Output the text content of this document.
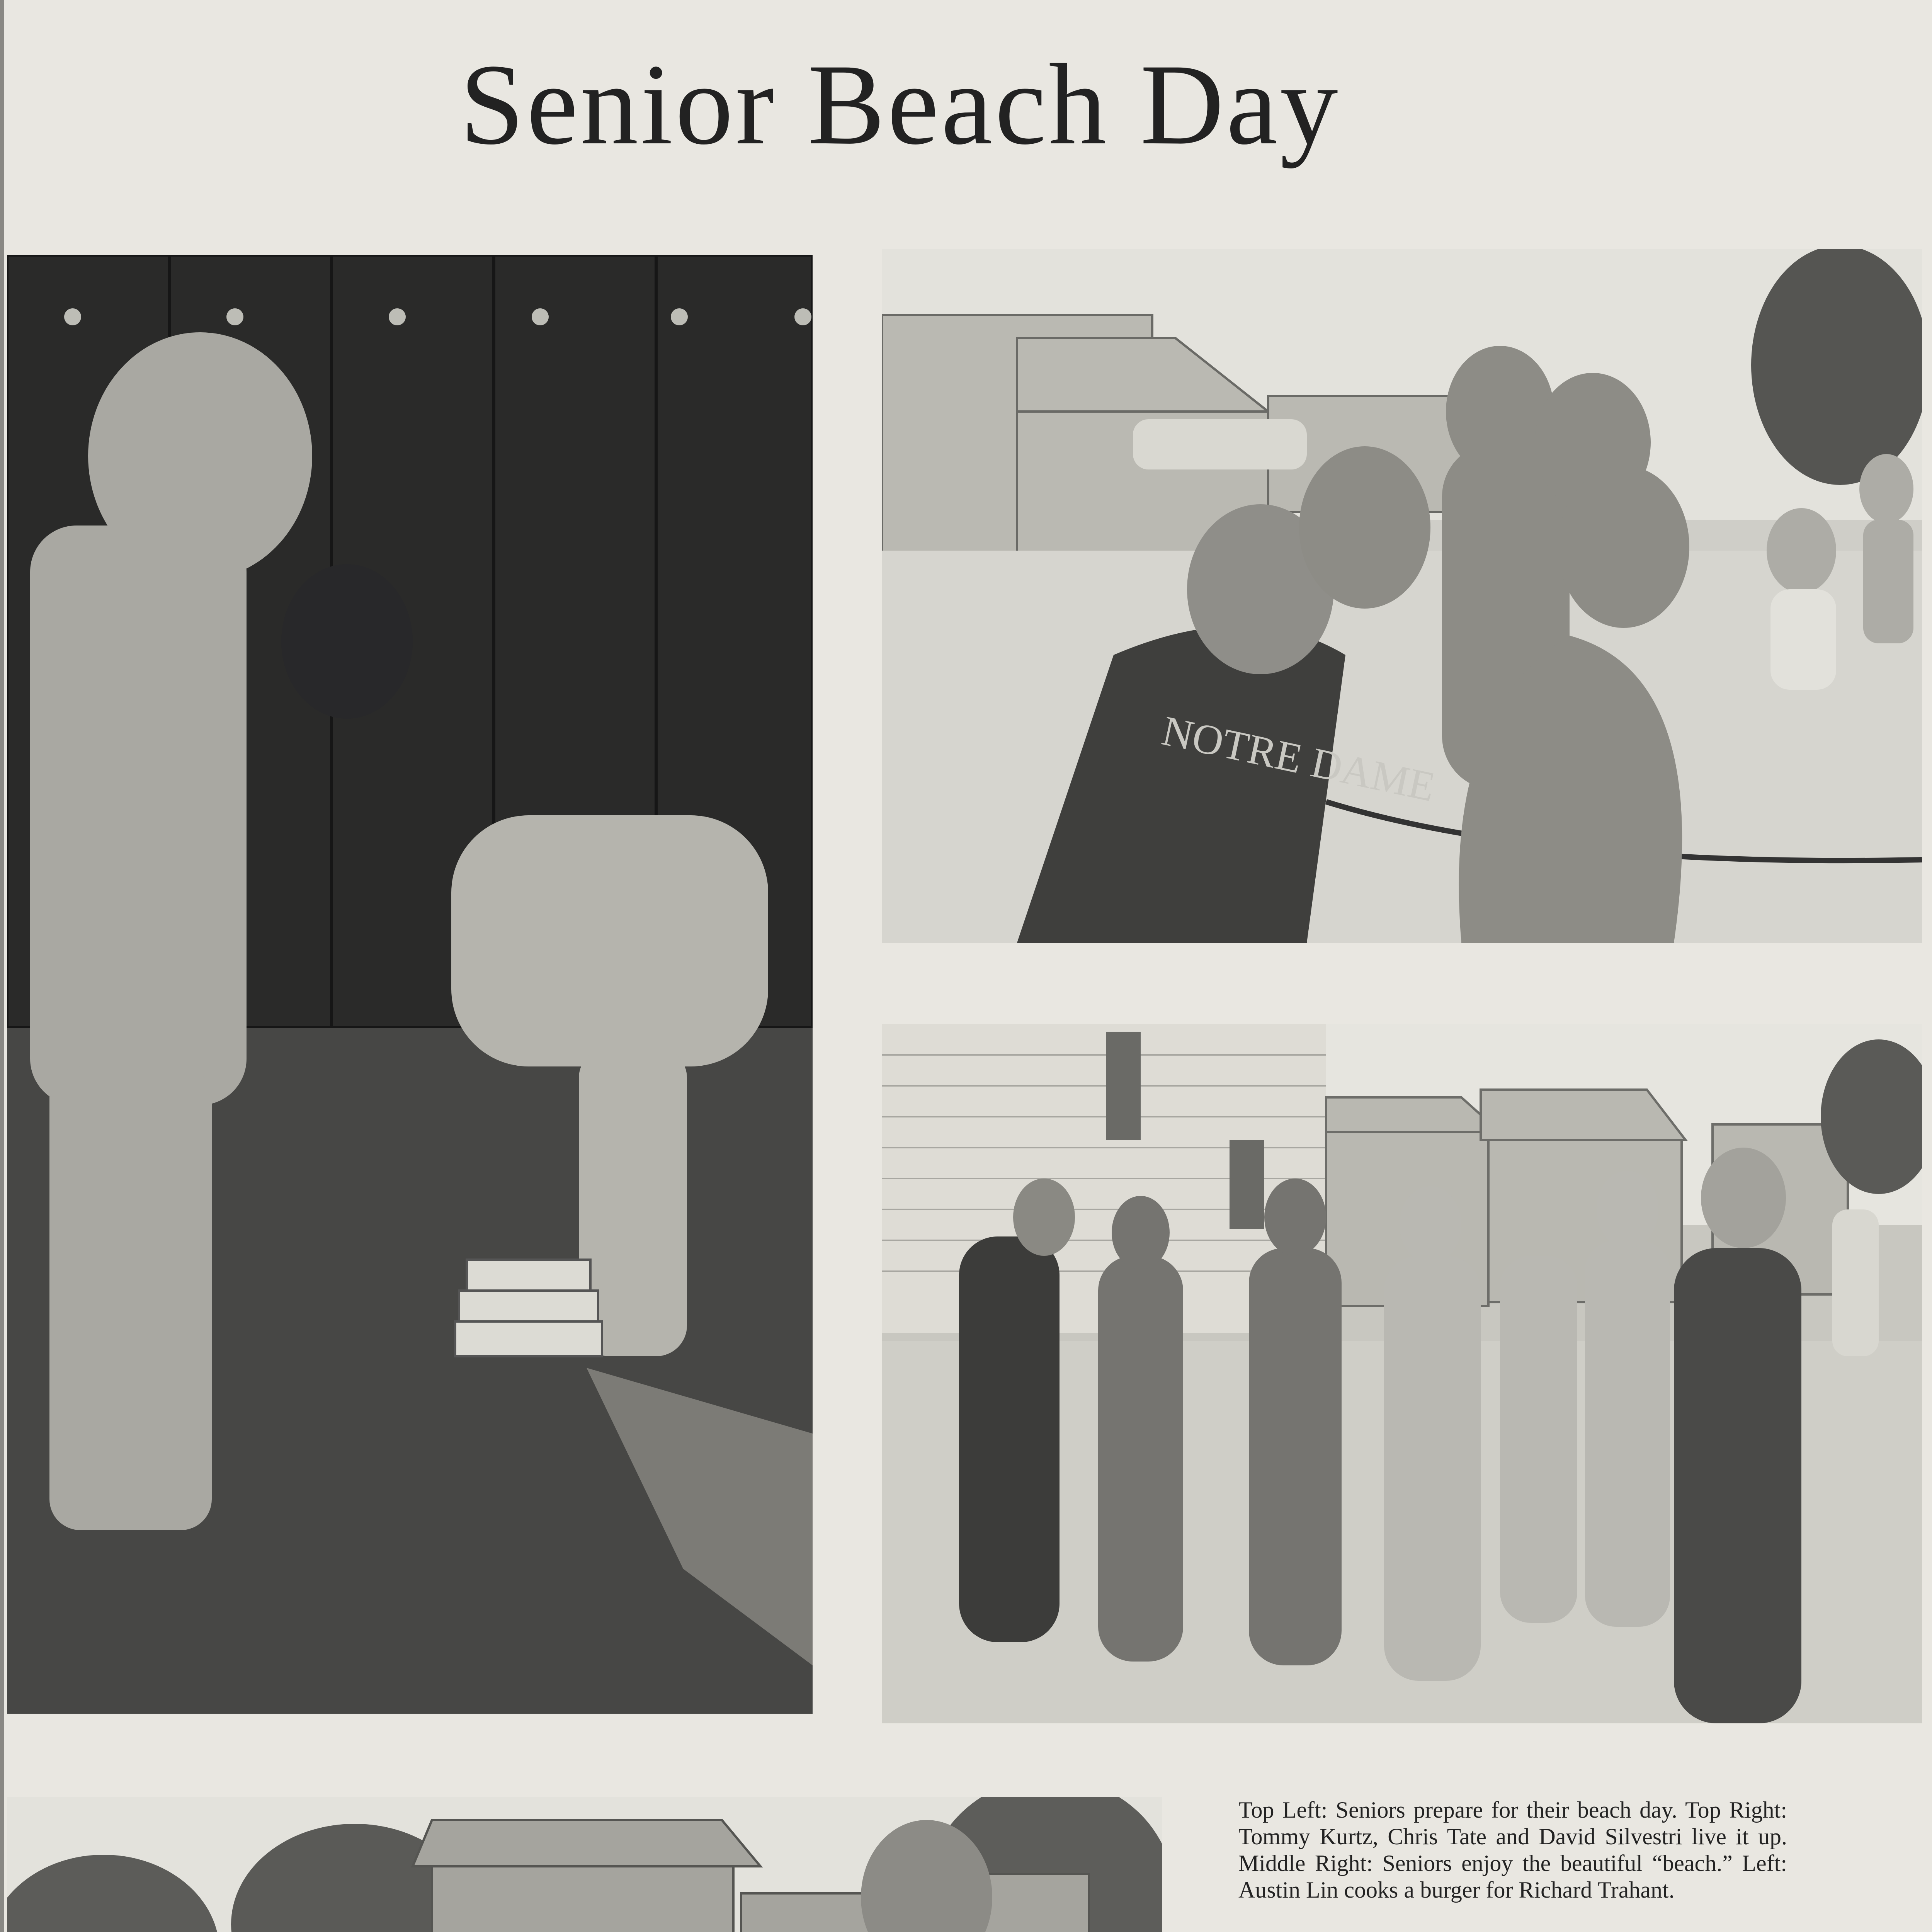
Senior Beach Day
NOTRE DAME
Top Left: Seniors prepare for their beach day. Top Right: Tommy Kurtz, Chris Tate and David Silvestri live it up. Middle Right: Seniors enjoy the beautiful “beach.” Left: Austin Lin cooks a burger for Richard Trahant.
